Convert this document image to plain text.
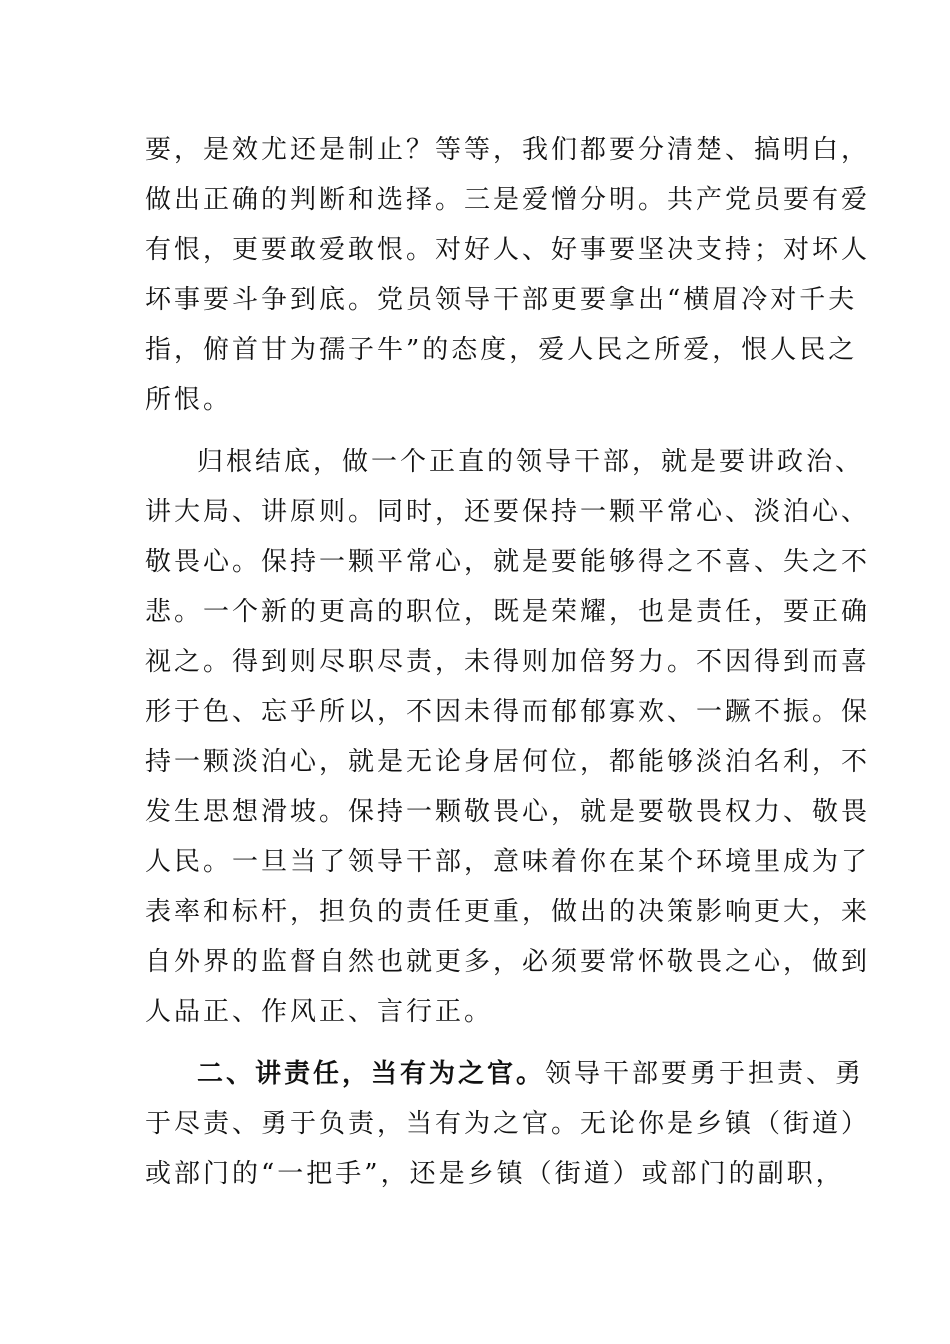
要，是效尤还是制止？等等，我们都要分清楚、搞明白，
做出正确的判断和选择。三是爱憎分明。共产党员要有爱
有恨，更要敢爱敢恨。对好人、好事要坚决支持；对坏人
坏事要斗争到底。党员领导干部更要拿出“横眉冷对千夫
指，俯首甘为孺子牛”的态度，爱人民之所爱，恨人民之
所恨。
归根结底，做一个正直的领导干部，就是要讲政治、
讲大局、讲原则。同时，还要保持一颗平常心、淡泊心、
敬畏心。保持一颗平常心，就是要能够得之不喜、失之不
悲。一个新的更高的职位，既是荣耀，也是责任，要正确
视之。得到则尽职尽责，未得则加倍努力。不因得到而喜
形于色、忘乎所以，不因未得而郁郁寡欢、一蹶不振。保
持一颗淡泊心，就是无论身居何位，都能够淡泊名利，不
发生思想滑坡。保持一颗敬畏心，就是要敬畏权力、敬畏
人民。一旦当了领导干部，意味着你在某个环境里成为了
表率和标杆，担负的责任更重，做出的决策影响更大，来
自外界的监督自然也就更多，必须要常怀敬畏之心，做到
人品正、作风正、言行正。
二、讲责任，当有为之官。领导干部要勇于担责、勇
于尽责、勇于负责，当有为之官。无论你是乡镇（街道）
或部门的“一把手”，还是乡镇（街道）或部门的副职，
